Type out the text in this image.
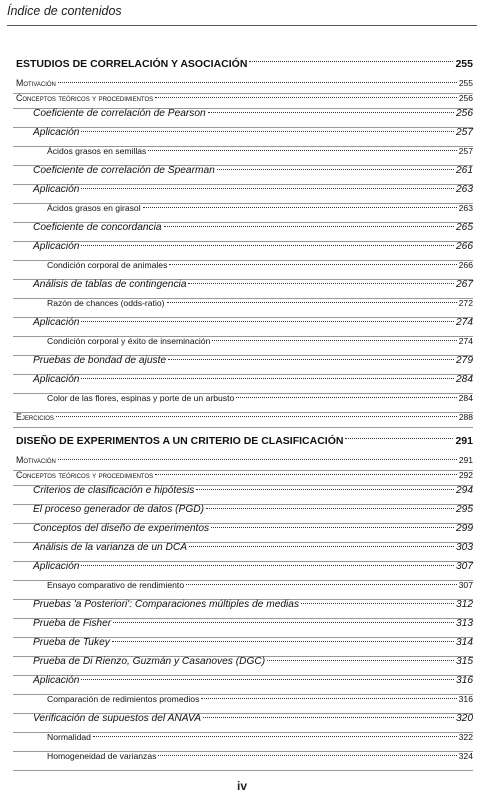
Índice de contenidos
ESTUDIOS DE CORRELACIÓN Y ASOCIACIÓN	255
Motivación	255
Conceptos teóricos y procedimientos	256
Coeficiente de correlación de Pearson	256
Aplicación	257
Ácidos grasos en semillas	257
Coeficiente de correlación de Spearman	261
Aplicación	263
Ácidos grasos en girasol	263
Coeficiente de concordancia	265
Aplicación	266
Condición corporal de animales	266
Análisis de tablas de contingencia	267
Razón de chances (odds-ratio)	272
Aplicación	274
Condición corporal y éxito de inseminación	274
Pruebas de bondad de ajuste	279
Aplicación	284
Color de las flores, espinas y porte de un arbusto	284
Ejercicios	288
DISEÑO DE EXPERIMENTOS A UN CRITERIO DE CLASIFICACIÓN	291
Motivación	291
Conceptos teóricos y procedimientos	292
Criterios de clasificación e hipótesis	294
El proceso generador de datos (PGD)	295
Conceptos del diseño de experimentos	299
Análisis de la varianza de un DCA	303
Aplicación	307
Ensayo comparativo de rendimiento	307
Pruebas 'a Posteriori': Comparaciones múltiples de medias	312
Prueba de Fisher	313
Prueba de Tukey	314
Prueba de Di Rienzo, Guzmán y Casanoves (DGC)	315
Aplicación	316
Comparación de redimientos promedios	316
Verificación de supuestos del ANAVA	320
Normalidad	322
Homogeneidad de varianzas	324
iv
